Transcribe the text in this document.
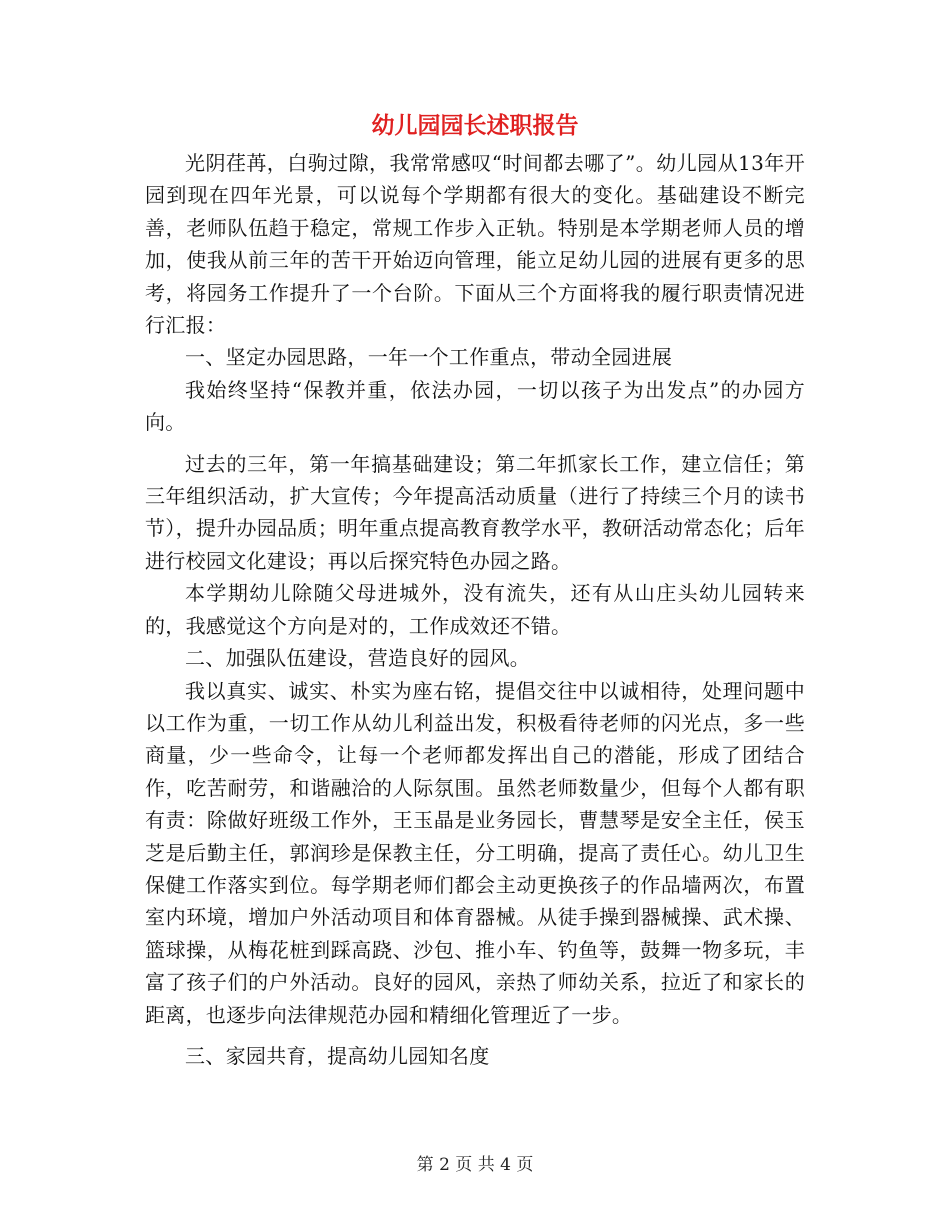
幼儿园园长述职报告

光阴荏苒，白驹过隙，我常常感叹“时间都去哪了”。幼儿园从13年开园到现在四年光景，可以说每个学期都有很大的变化。基础建设不断完善，老师队伍趋于稳定，常规工作步入正轨。特别是本学期老师人员的增加，使我从前三年的苦干开始迈向管理，能立足幼儿园的进展有更多的思考，将园务工作提升了一个台阶。下面从三个方面将我的履行职责情况进行汇报：

一、坚定办园思路，一年一个工作重点，带动全园进展

我始终坚持“保教并重，依法办园，一切以孩子为出发点”的办园方向。

过去的三年，第一年搞基础建设；第二年抓家长工作，建立信任；第三年组织活动，扩大宣传；今年提高活动质量（进行了持续三个月的读书节），提升办园品质；明年重点提高教育教学水平，教研活动常态化；后年进行校园文化建设；再以后探究特色办园之路。

本学期幼儿除随父母进城外，没有流失，还有从山庄头幼儿园转来的，我感觉这个方向是对的，工作成效还不错。

二、加强队伍建设，营造良好的园风。

我以真实、诚实、朴实为座右铭，提倡交往中以诚相待，处理问题中以工作为重，一切工作从幼儿利益出发，积极看待老师的闪光点，多一些商量，少一些命令，让每一个老师都发挥出自己的潜能，形成了团结合作，吃苦耐劳，和谐融洽的人际氛围。虽然老师数量少，但每个人都有职有责：除做好班级工作外，王玉晶是业务园长，曹慧琴是安全主任，侯玉芝是后勤主任，郭润珍是保教主任，分工明确，提高了责任心。幼儿卫生保健工作落实到位。每学期老师们都会主动更换孩子的作品墙两次，布置室内环境，增加户外活动项目和体育器械。从徒手操到器械操、武术操、篮球操，从梅花桩到踩高跷、沙包、推小车、钓鱼等，鼓舞一物多玩，丰富了孩子们的户外活动。良好的园风，亲热了师幼关系，拉近了和家长的距离，也逐步向法律规范办园和精细化管理近了一步。

三、家园共育，提高幼儿园知名度

第 2 页 共 4 页
